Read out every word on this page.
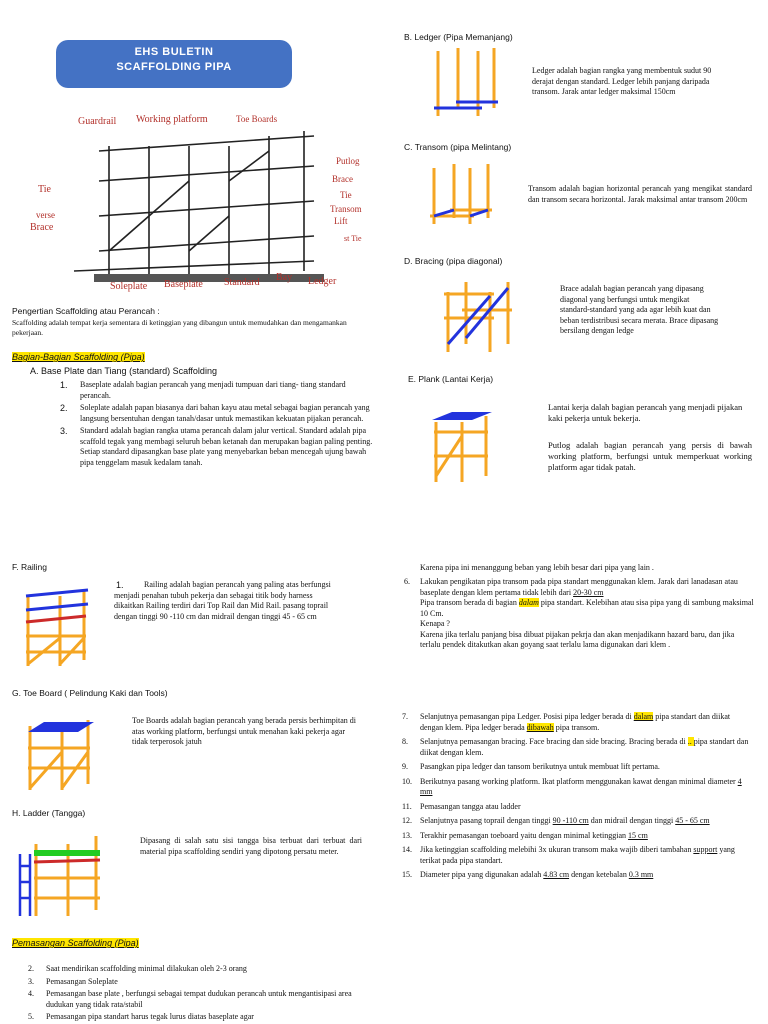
EHS BULETIN
SCAFFOLDING PIPA
Guardrail Working platform	Toe Boards
Putlog
Brace
Tie
Transom
Lift
st Tie
Tie
verse
Brace
Soleplate Baseplate Standard Bay Ledger
Pengertian Scaffolding atau Perancah :
Scaffolding adalah tempat kerja sementara di ketinggian yang dibangun untuk memudahkan dan mengamankan pekerjaan.
Bagian-Bagian Scaffolding (Pipa)
A. Base Plate dan Tiang (standard) Scaffolding
1. Baseplate adalah bagian perancah yang menjadi tumpuan dari tiang- tiang standard perancah.
2. Soleplate adalah papan biasanya dari bahan kayu atau metal sebagai bagian perancah yang langsung bersentuhan dengan tanah/dasar untuk memastikan kekuatan pijakan perancah.
3. Standard adalah bagian rangka utama perancah dalam jalur vertical. Standard adalah pipa scaffold tegak yang membagi seluruh beban ketanah dan merupakan bagian paling penting. Setiap standard dipasangkan base plate yang menyebarkan beban mencegah ujung bawah pipa tenggelam masuk kedalam tanah.
B. Ledger (Pipa Memanjang)
Ledger adalah bagian rangka yang membentuk sudut 90 derajat dengan standard. Ledger lebih panjang daripada transom. Jarak antar ledger maksimal 150cm
C. Transom (pipa Melintang)
Transom adalah bagian horizontal perancah yang mengikat standard dan transom secara horizontal. Jarak maksimal antar transom 200cm
D. Bracing (pipa diagonal)
Brace adalah bagian perancah yang dipasang diagonal yang berfungsi untuk mengikat standard-standard yang ada agar lebih kuat dan beban terdistribusi secara merata. Brace dipasang bersilang dengan ledge
E. Plank (Lantai Kerja)
Lantai kerja dalah bagian perancah yang menjadi pijakan kaki pekerja untuk bekerja.
Putlog adalah bagian perancah yang persis di bawah working platform, berfungsi untuk memperkuat working platform agar tidak patah.
F. Railing
1.	Railing adalah bagian perancah yang paling atas berfungsi menjadi penahan tubuh pekerja dan sebagai titik body harness dikaitkan Railing terdiri dari Top Rail dan Mid Rail. pasang toprail dengan tinggi 90 -110 cm dan midrail dengan tinggi 45 - 65 cm
G. Toe Board ( Pelindung Kaki dan Tools)
Toe Boards adalah bagian perancah yang berada persis berhimpitan di atas working platform, berfungsi untuk menahan kaki pekerja agar tidak terperosok jatuh
H. Ladder (Tangga)
Dipasang di salah satu sisi tangga bisa terbuat dari terbuat dari material pipa scaffolding sendiri yang dipotong persatu meter.
Pemasangan Scaffolding (Pipa)
2. Saat mendirikan scaffolding minimal dilakukan oleh 2-3 orang
3. Pemasangan Soleplate
4. Pemasangan base plate , berfungsi sebagai tempat dudukan perancah untuk mengantisipasi area dudukan yang tidak rata/stabil
5. Pemasangan pipa standart harus tegak lurus diatas baseplate agar
Karena pipa ini menanggung beban yang lebih besar dari pipa yang lain .
6. Lakukan pengikatan pipa transom pada pipa standart menggunakan klem. Jarak dari lanadasan atau baseplate dengan klem pertama tidak lebih dari 20-30 cm
Pipa transom berada di bagian dalam pipa standart. Kelebihan atau sisa pipa yang di sambung maksimal 10 Cm.
Kenapa ?
Karena jika terlalu panjang bisa dibuat pijakan pekrja dan akan menjadikann hazard baru, dan jika terlalu pendek ditakutkan akan goyang saat terlalu lama digunakan dari klem .
7. Selanjutnya pemasangan pipa Ledger. Posisi pipa ledger berada di dalam pipa standart dan diikat dengan klem. Pipa ledger berada dibawah pipa transom.
8. Selanjutnya pemasangan bracing. Face bracing dan side bracing. Bracing berada di .. pipa standart dan diikat dengan klem.
9. Pasangkan pipa ledger dan tansom berikutnya untuk membuat lift pertama.
10. Berikutnya pasang working platform. Ikat platform menggunakan kawat dengan minimal diameter 4 mm
11. Pemasangan tangga atau ladder
12. Selanjutnya pasang toprail dengan tinggi 90 -110 cm dan midrail dengan tinggi 45 - 65 cm
13. Terakhir pemasangan toeboard yaitu dengan minimal ketinggian 15 cm
14. Jika ketinggian scaffolding melebihi 3x ukuran transom maka wajib diberi tambahan support yang terikat pada pipa standart.
15. Diameter pipa yang digunakan adalah 4.83 cm dengan ketebalan 0.3 mm
